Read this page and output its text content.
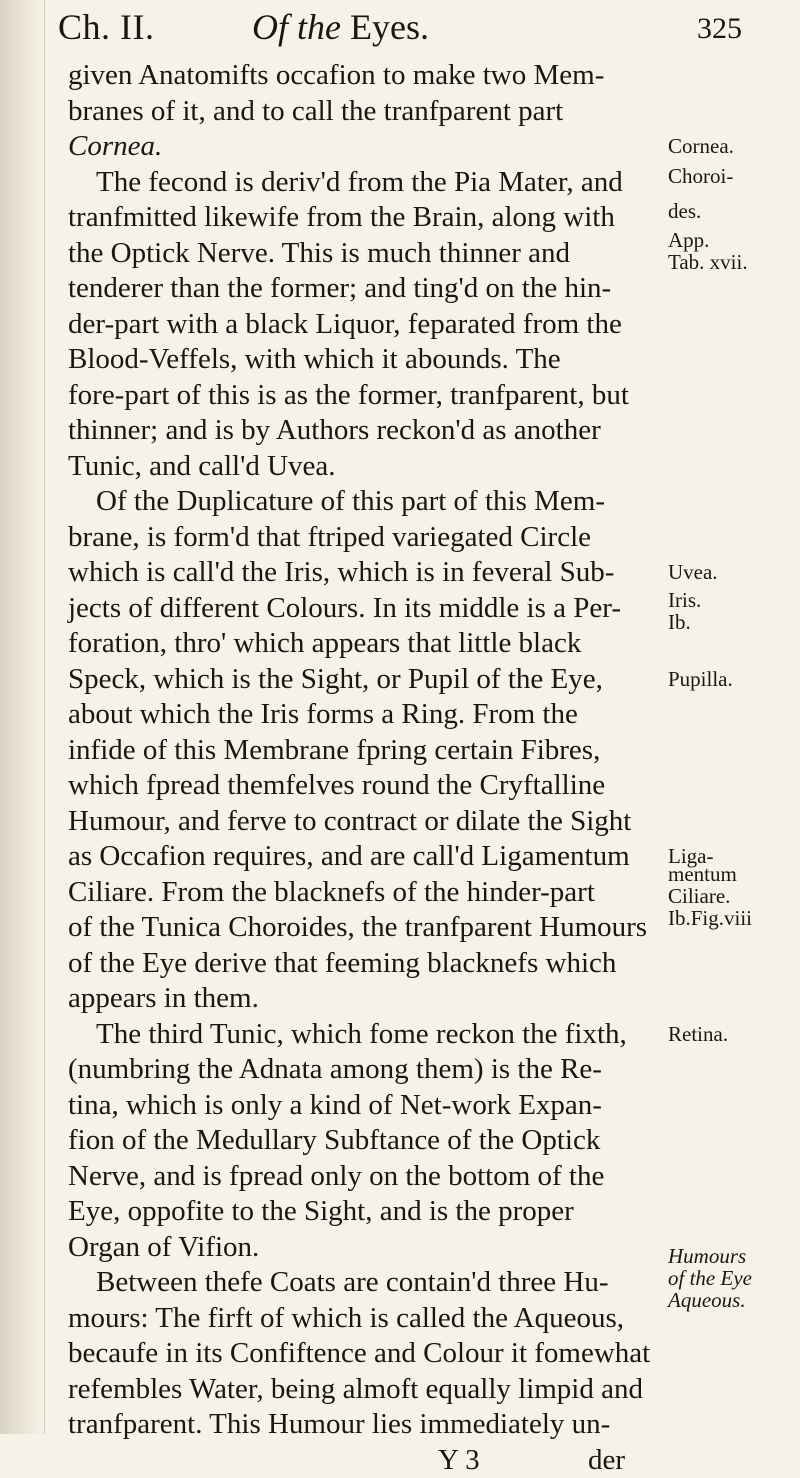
Ch. II.	Of the Eyes.	325
given Anatomifts occafion to make two Mem-
branes of it, and to call the tranfparent part
Cornea.
The fecond is deriv'd from the Pia Mater, and
tranfmitted likewife from the Brain, along with
the Optick Nerve. This is much thinner and
tenderer than the former; and ting'd on the hin-
der-part with a black Liquor, feparated from the
Blood-Veffels, with which it abounds. The
fore-part of this is as the former, tranfparent, but
thinner; and is by Authors reckon'd as another
Tunic, and call'd Uvea.
Of the Duplicature of this part of this Mem-
brane, is form'd that ftriped variegated Circle
which is call'd the Iris, which is in feveral Sub-
jects of different Colours. In its middle is a Per-
foration, thro' which appears that little black
Speck, which is the Sight, or Pupil of the Eye,
about which the Iris forms a Ring. From the
infide of this Membrane fpring certain Fibres,
which fpread themfelves round the Cryftalline
Humour, and ferve to contract or dilate the Sight
as Occafion requires, and are call'd Ligamentum
Ciliare. From the blacknefs of the hinder-part
of the Tunica Choroides, the tranfparent Humours
of the Eye derive that feeming blacknefs which
appears in them.
The third Tunic, which fome reckon the fixth,
(numbring the Adnata among them) is the Re-
tina, which is only a kind of Net-work Expan-
fion of the Medullary Subftance of the Optick
Nerve, and is fpread only on the bottom of the
Eye, oppofite to the Sight, and is the proper
Organ of Vifion.
Between thefe Coats are contain'd three Hu-
mours: The firft of which is called the Aqueous,
becaufe in its Confiftence and Colour it fomewhat
refembles Water, being almoft equally limpid and
tranfparent. This Humour lies immediately un-
Y 3	der
Cornea.
Choroi-
des.
App.
Tab. xvii.
Uvea.
Iris.
Ib.
Pupilla.
Liga-
mentum
Ciliare.
Ib.Fig.viii
Retina.
Humours
of the Eye
Aqueous.
